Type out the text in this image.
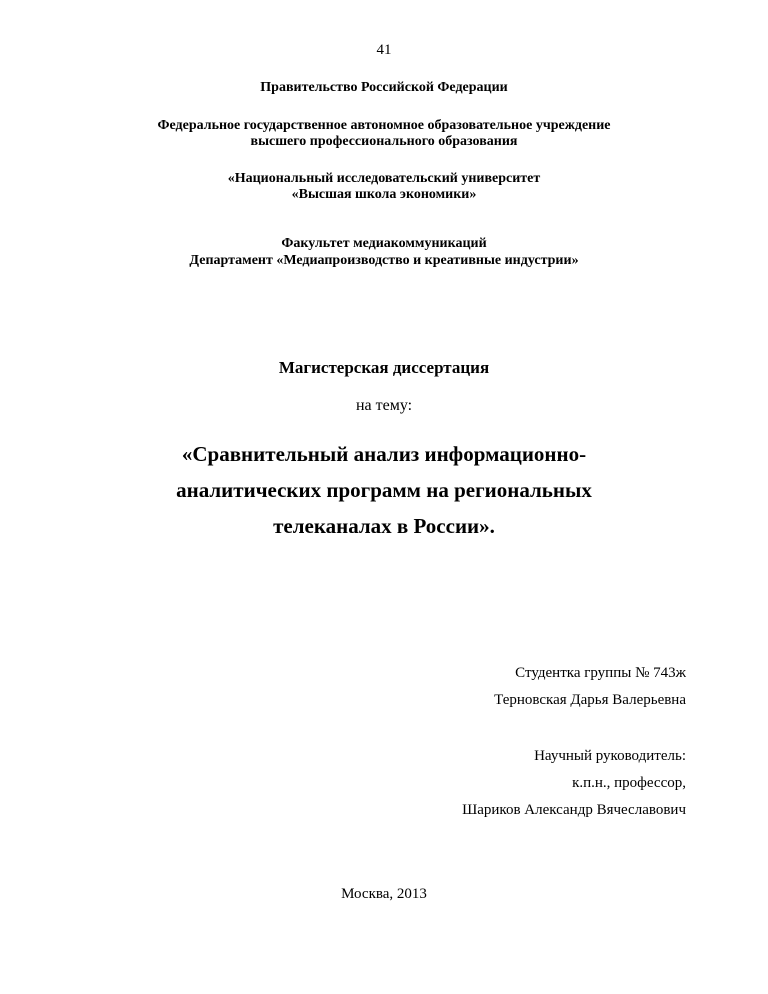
41
Правительство Российской Федерации
Федеральное государственное автономное образовательное учреждение
высшего профессионального образования
«Национальный исследовательский университет
«Высшая школа экономики»
Факультет медиакоммуникаций
Департамент «Медиапроизводство и креативные индустрии»
Магистерская диссертация
на тему:
«Сравнительный анализ информационно-
аналитических программ на региональных
телеканалах в России».
Студентка группы № 743ж
Терновская Дарья Валерьевна
Научный руководитель:
к.п.н., профессор,
Шариков Александр Вячеславович
Москва, 2013
